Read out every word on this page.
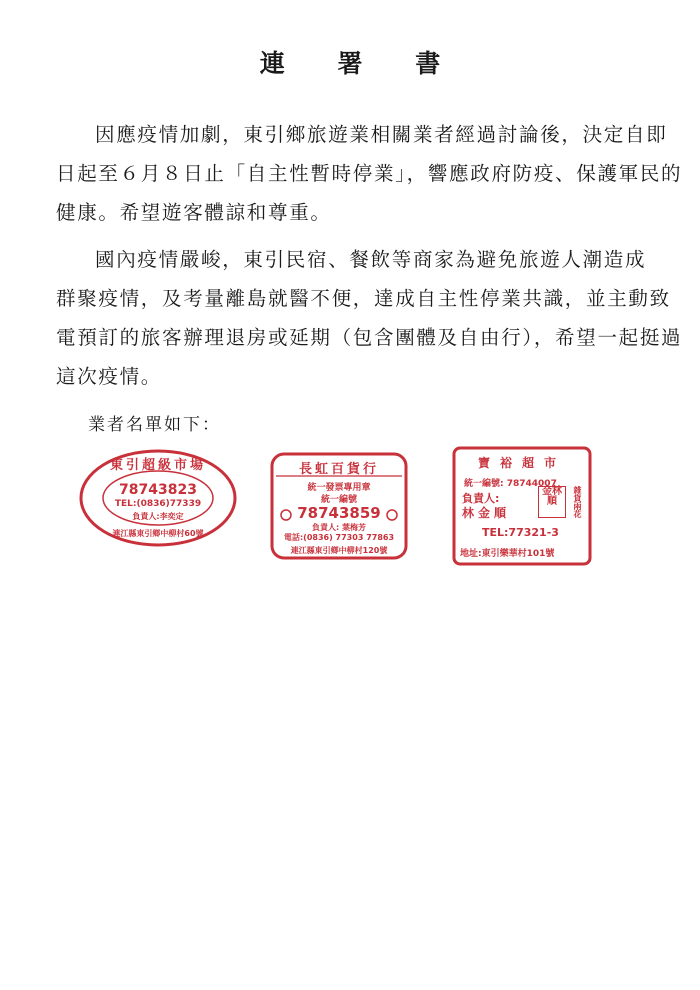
連 署 書
因應疫情加劇，東引鄉旅遊業相關業者經過討論後，決定自即
日起至６月８日止「自主性暫時停業」，響應政府防疫、保護軍民的
健康。希望遊客體諒和尊重。
國內疫情嚴峻，東引民宿、餐飲等商家為避免旅遊人潮造成
群聚疫情，及考量離島就醫不便，達成自主性停業共識，並主動致
電預訂的旅客辦理退房或延期（包含團體及自由行），希望一起挺過
這次疫情。

業者名單如下：

東引超級市場
78743823
TEL:(0836)77339
負責人:李奕定
連江縣東引鄉中柳村60號
長虹百貨行
統一發票專用章
統一編號
78743859
負責人: 葉梅芳
電話:(0836) 77303 77863
連江縣東引鄉中柳村120號
寶裕超市
統一編號: 78744007
負責人:
林金順
金林順	雜貨兩花
TEL:77321-3
地址:東引樂華村101號
